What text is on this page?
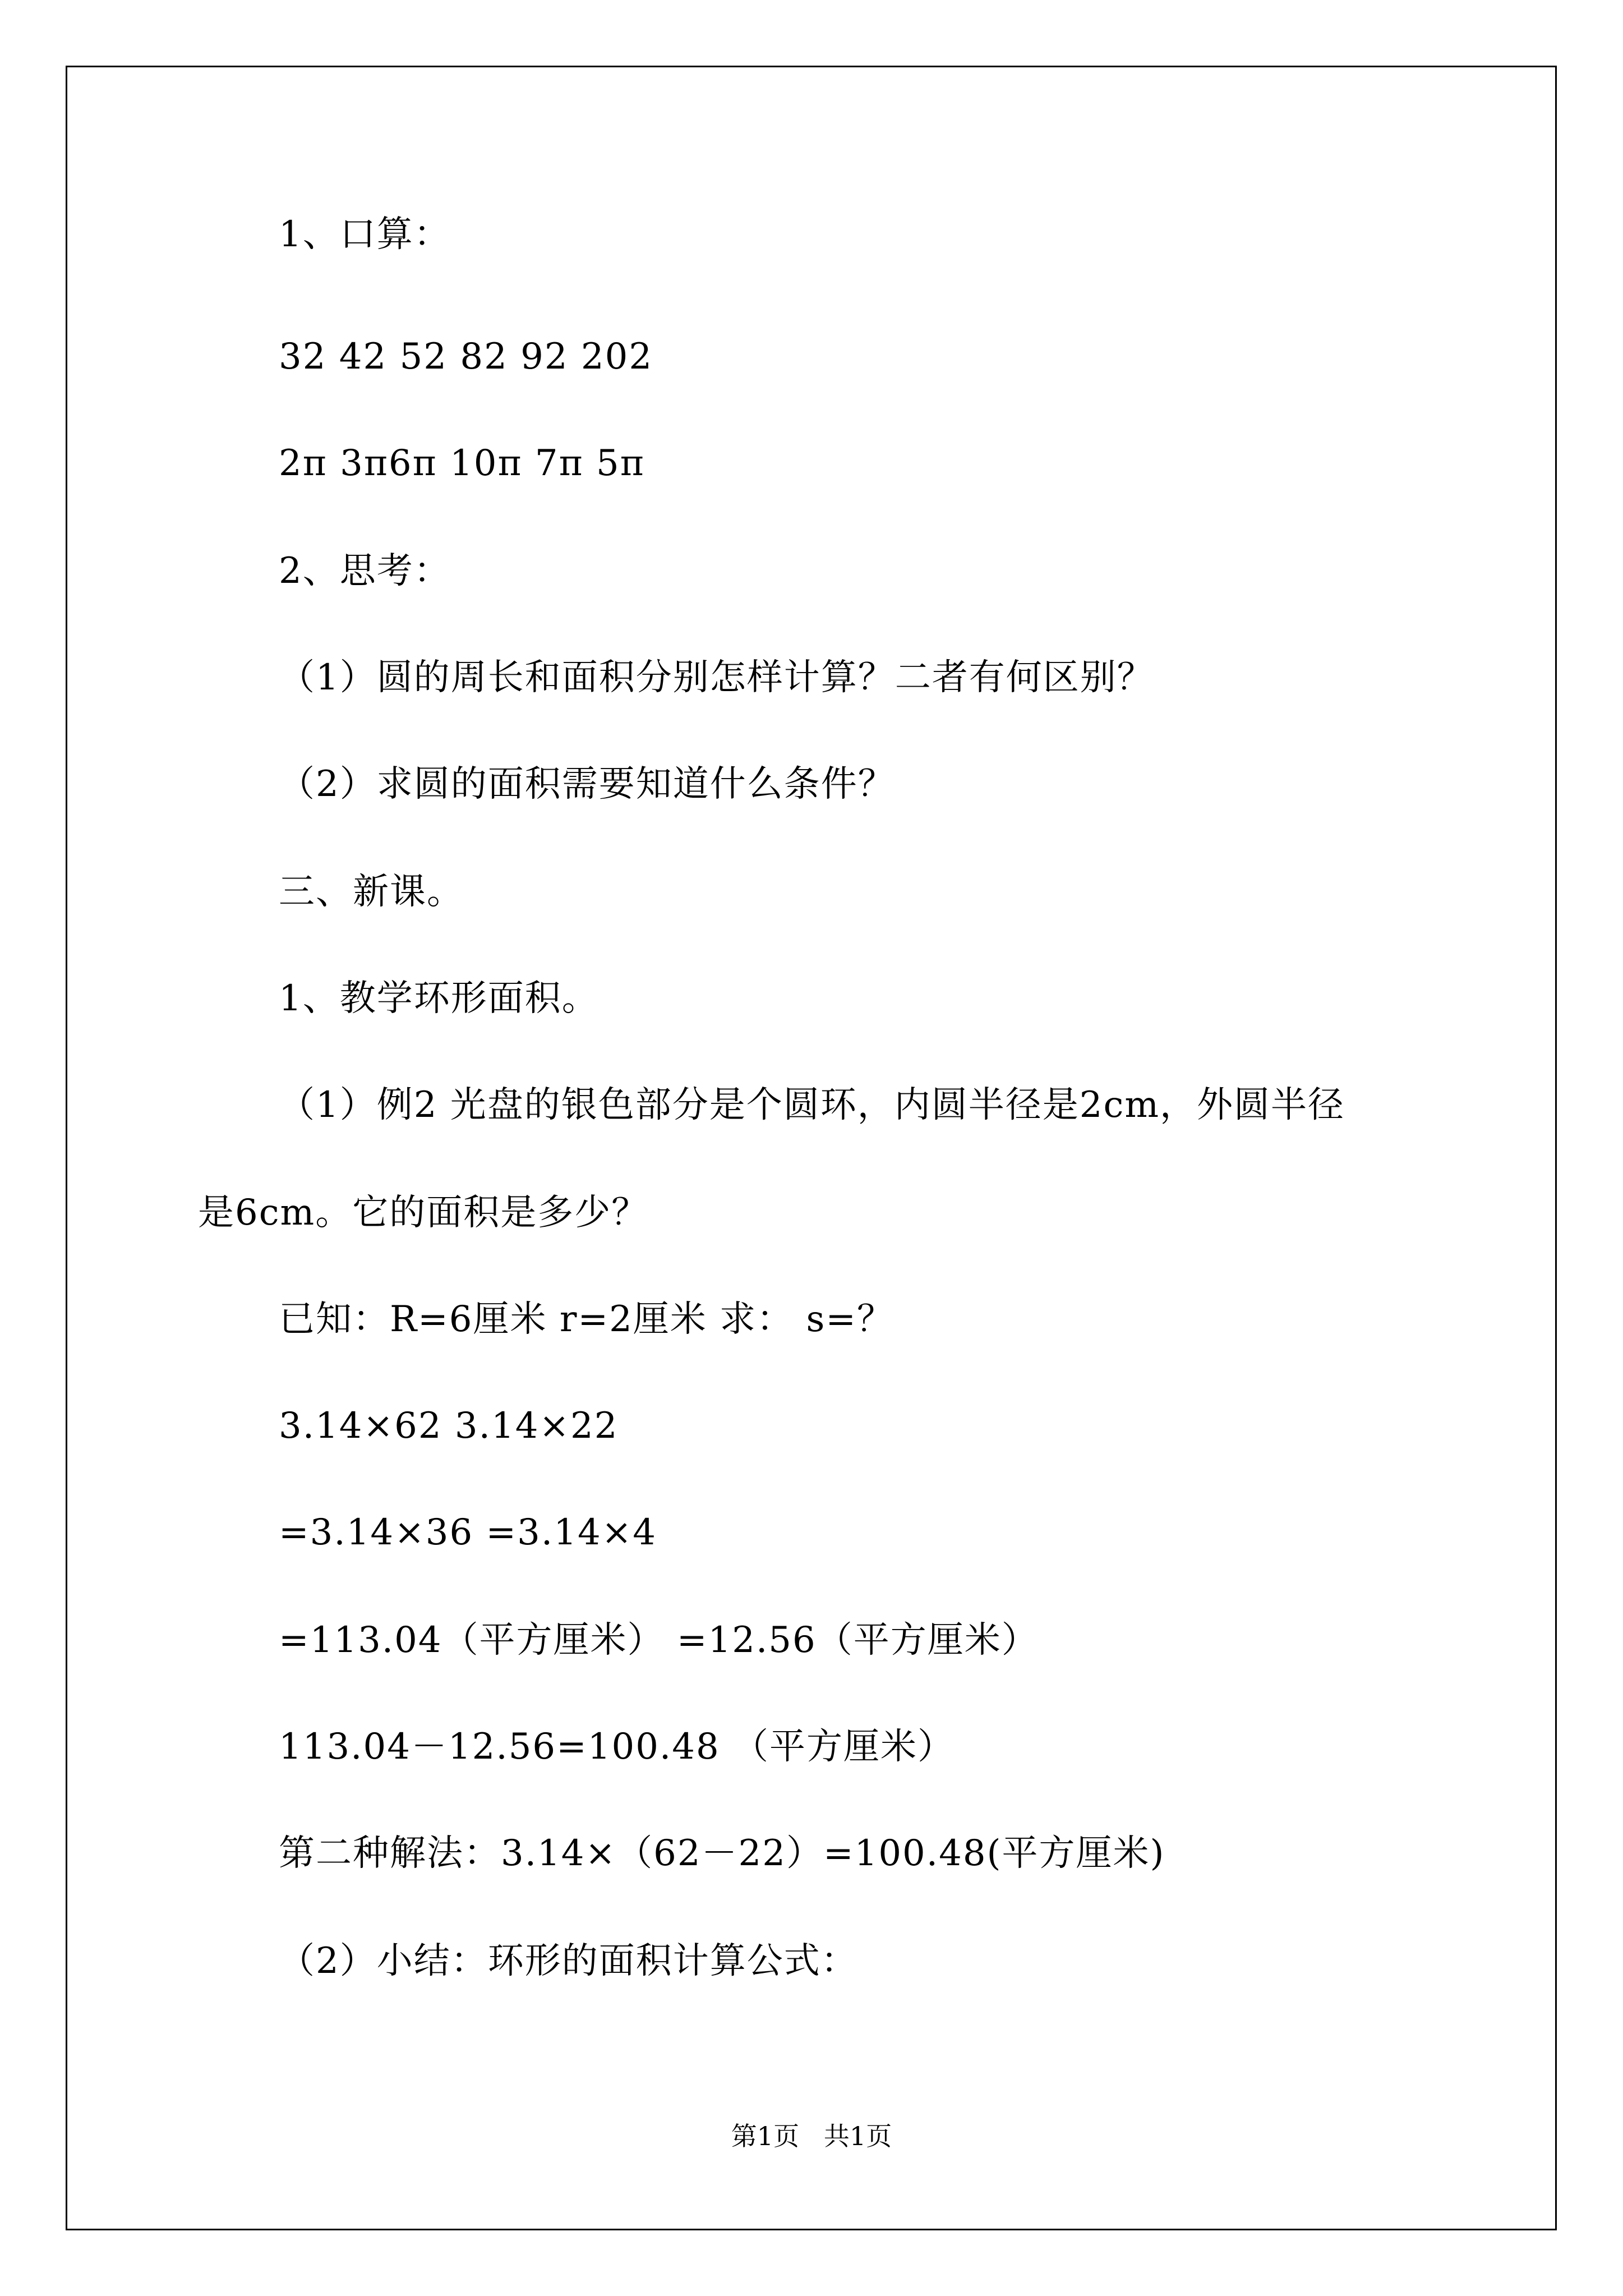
1、口算：
32 42 52 82 92 202
2π 3π6π 10π 7π 5π
2、思考：
（1）圆的周长和面积分别怎样计算？二者有何区别？
（2）求圆的面积需要知道什么条件？
三、新课。
1、教学环形面积。
（1）例2 光盘的银色部分是个圆环，内圆半径是2cm，外圆半径
是6cm。它的面积是多少？
已知：R=6厘米 r=2厘米 求： s=？
3.14×62 3.14×22
=3.14×36 =3.14×4
=113.04（平方厘米） =12.56（平方厘米）
113.04－12.56=100.48 （平方厘米）
第二种解法：3.14×（62－22）=100.48(平方厘米)
（2）小结：环形的面积计算公式：
第1页   共1页
